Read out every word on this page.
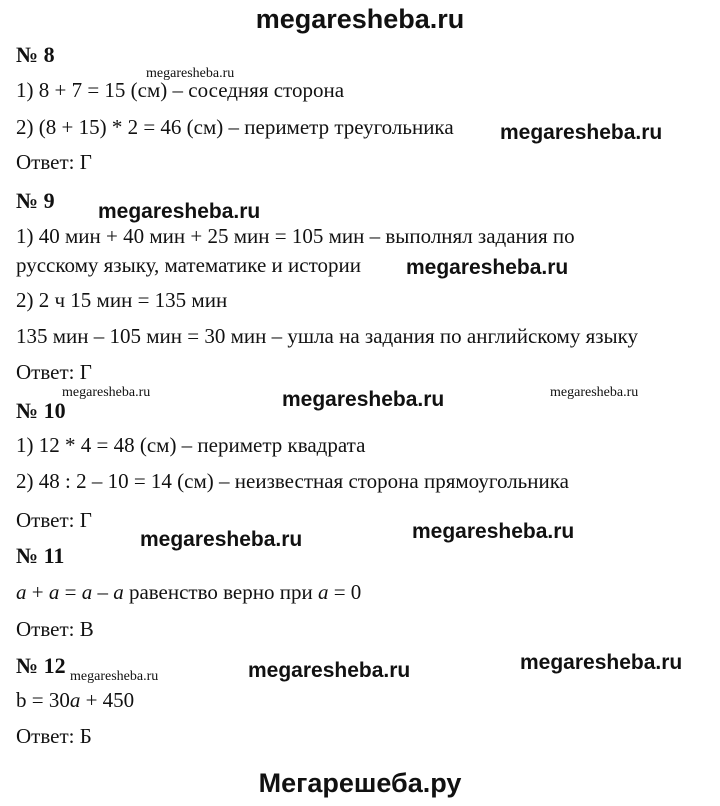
megaresheba.ru
№ 8
1) 8 + 7 = 15 (см) – соседняя сторона
2) (8 + 15) * 2 = 46 (см) – периметр треугольника
Ответ: Г
№ 9
1) 40 мин + 40 мин + 25 мин = 105 мин – выполнял задания по
русскому языку, математике и истории
2) 2 ч 15 мин = 135 мин
135 мин – 105 мин = 30 мин – ушла на задания по английскому языку
Ответ: Г
№ 10
1) 12 * 4 = 48 (см) – периметр квадрата
2) 48 : 2 – 10 = 14 (см) – неизвестная сторона прямоугольника
Ответ: Г
№ 11
a + a = a – a равенство верно при a = 0
Ответ: В
№ 12
b = 30a + 450
Ответ: Б
megaresheba.ru
megaresheba.ru	megaresheba.ru
megaresheba.ru
megaresheba.ru
megaresheba.ru
megaresheba.ru
megaresheba.ru
megaresheba.ru	megaresheba.ru
megaresheba.ru	megaresheba.ru
Мегарешеба.ру
